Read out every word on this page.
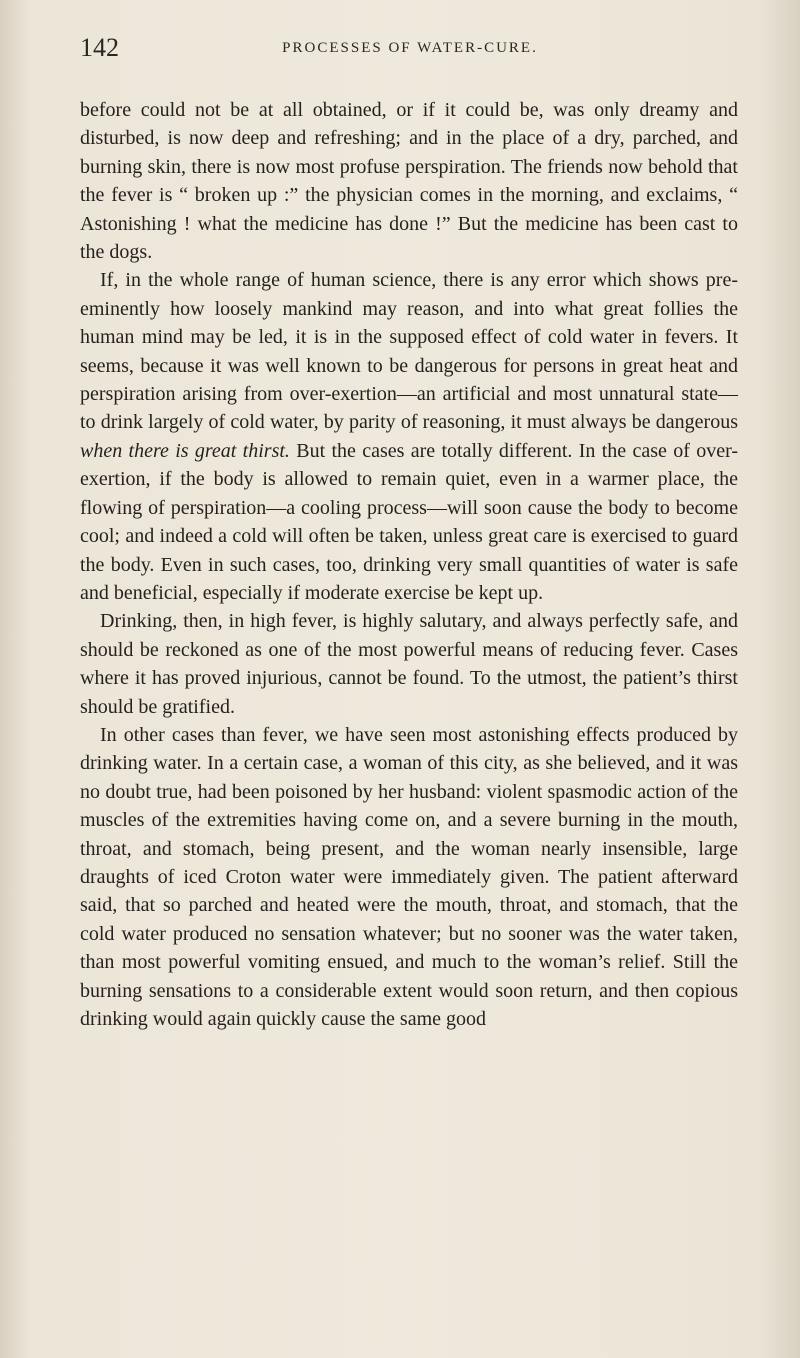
142	PROCESSES OF WATER-CURE.

before could not be at all obtained, or if it could be, was only dreamy and disturbed, is now deep and refreshing; and in the place of a dry, parched, and burning skin, there is now most profuse perspiration. The friends now behold that the fever is “ broken up :” the physician comes in the morning, and exclaims, “ Astonishing ! what the medicine has done !” But the medicine has been cast to the dogs.

If, in the whole range of human science, there is any error which shows pre-eminently how loosely mankind may reason, and into what great follies the human mind may be led, it is in the supposed effect of cold water in fevers. It seems, because it was well known to be dangerous for persons in great heat and perspiration arising from over-exertion—an artificial and most unnatural state—to drink largely of cold water, by parity of reasoning, it must always be dangerous when there is great thirst. But the cases are totally different. In the case of over-exertion, if the body is allowed to remain quiet, even in a warmer place, the flowing of perspiration—a cooling process—will soon cause the body to become cool; and indeed a cold will often be taken, unless great care is exercised to guard the body. Even in such cases, too, drinking very small quantities of water is safe and beneficial, especially if moderate exercise be kept up.

Drinking, then, in high fever, is highly salutary, and always perfectly safe, and should be reckoned as one of the most powerful means of reducing fever. Cases where it has proved injurious, cannot be found. To the utmost, the patient’s thirst should be gratified.

In other cases than fever, we have seen most astonishing effects produced by drinking water. In a certain case, a woman of this city, as she believed, and it was no doubt true, had been poisoned by her husband: violent spasmodic action of the muscles of the extremities having come on, and a severe burning in the mouth, throat, and stomach, being present, and the woman nearly insensible, large draughts of iced Croton water were immediately given. The patient afterward said, that so parched and heated were the mouth, throat, and stomach, that the cold water produced no sensation whatever; but no sooner was the water taken, than most powerful vomiting ensued, and much to the woman’s relief. Still the burning sensations to a considerable extent would soon return, and then copious drinking would again quickly cause the same good
